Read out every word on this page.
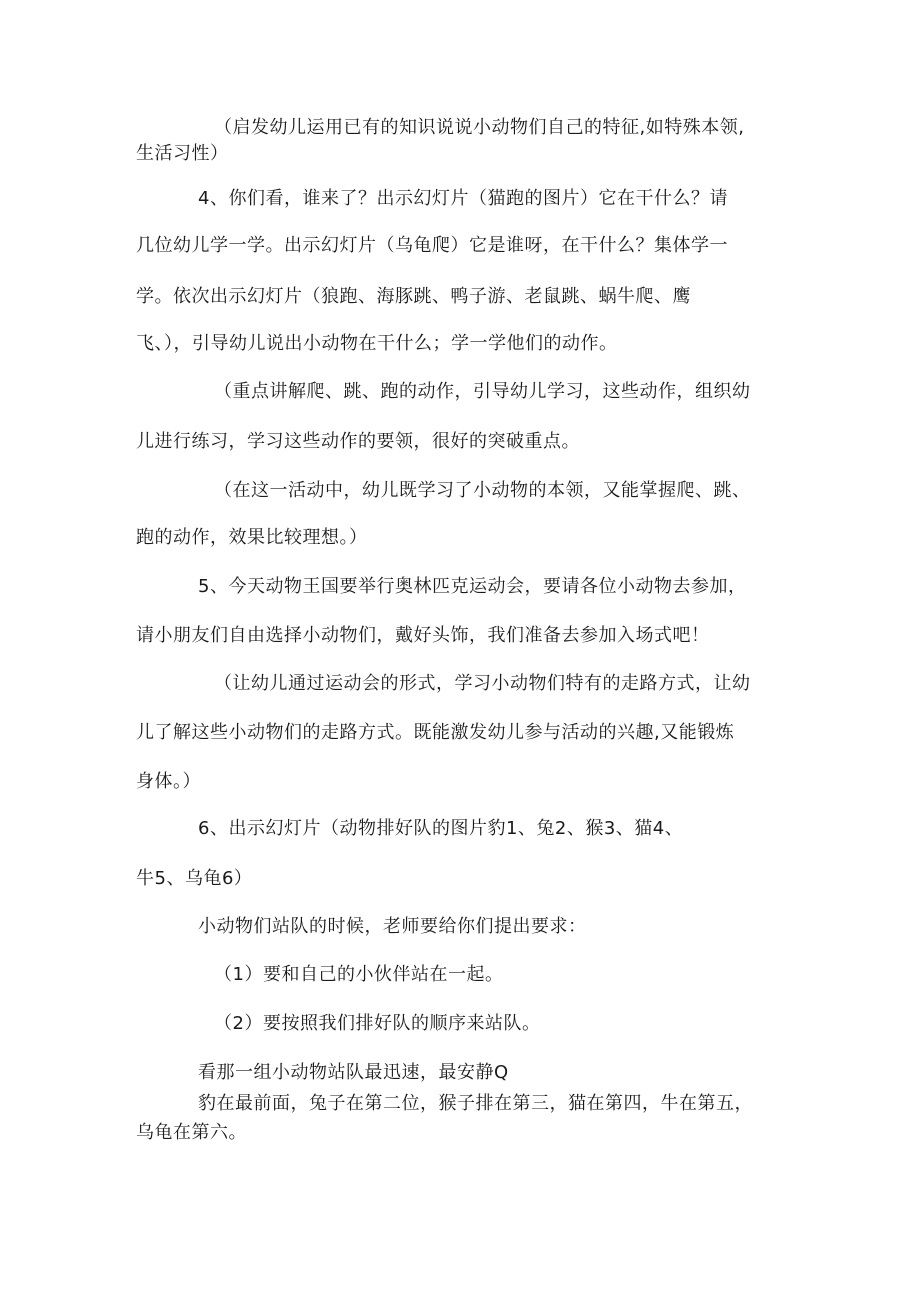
（启发幼儿运用已有的知识说说小动物们自己的特征,如特殊本领,
生活习性）
4、你们看，谁来了？出示幻灯片（猫跑的图片）它在干什么？请
几位幼儿学一学。出示幻灯片（乌龟爬）它是谁呀，在干什么？集体学一
学。依次出示幻灯片（狼跑、海豚跳、鸭子游、老鼠跳、蜗牛爬、鹰
飞、），引导幼儿说出小动物在干什么；学一学他们的动作。
（重点讲解爬、跳、跑的动作，引导幼儿学习，这些动作，组织幼
儿进行练习，学习这些动作的要领，很好的突破重点。
（在这一活动中，幼儿既学习了小动物的本领，又能掌握爬、跳、
跑的动作，效果比较理想。）
5、今天动物王国要举行奥林匹克运动会，要请各位小动物去参加，
请小朋友们自由选择小动物们，戴好头饰，我们准备去参加入场式吧！
（让幼儿通过运动会的形式，学习小动物们特有的走路方式，让幼
儿了解这些小动物们的走路方式。既能激发幼儿参与活动的兴趣,又能锻炼
身体。）
6、出示幻灯片（动物排好队的图片豹1、兔2、猴3、猫4、
牛5、乌龟6）
小动物们站队的时候，老师要给你们提出要求：
（1）要和自己的小伙伴站在一起。
（2）要按照我们排好队的顺序来站队。
看那一组小动物站队最迅速，最安静Q
豹在最前面，兔子在第二位，猴子排在第三，猫在第四，牛在第五，
乌龟在第六。
